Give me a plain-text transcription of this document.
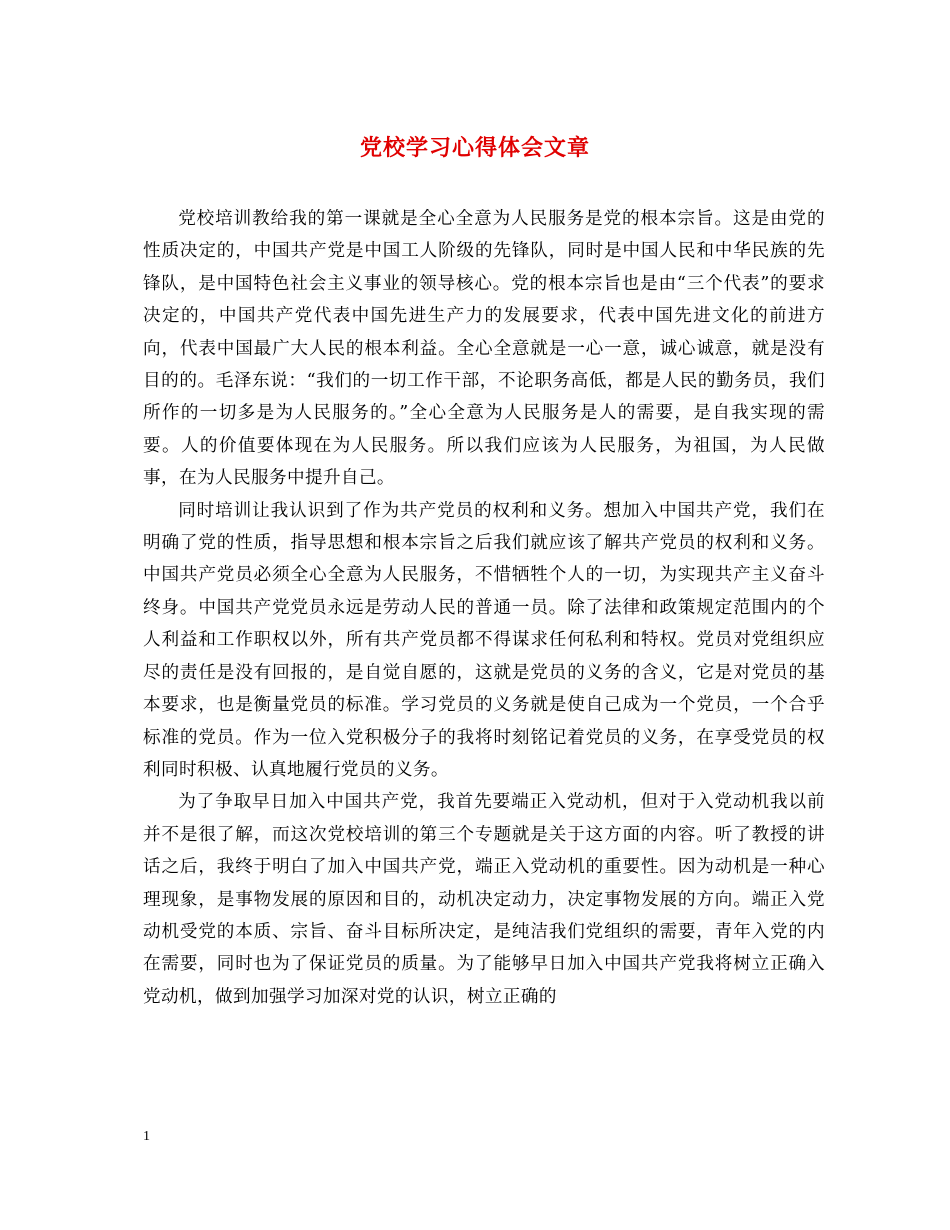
党校学习心得体会文章

党校培训教给我的第一课就是全心全意为人民服务是党的根本宗旨。这是由党的性质决定的，中国共产党是中国工人阶级的先锋队，同时是中国人民和中华民族的先锋队，是中国特色社会主义事业的领导核心。党的根本宗旨也是由“三个代表”的要求决定的，中国共产党代表中国先进生产力的发展要求，代表中国先进文化的前进方向，代表中国最广大人民的根本利益。全心全意就是一心一意，诚心诚意，就是没有目的的。毛泽东说：“我们的一切工作干部，不论职务高低，都是人民的勤务员，我们所作的一切多是为人民服务的。”全心全意为人民服务是人的需要，是自我实现的需要。人的价值要体现在为人民服务。所以我们应该为人民服务，为祖国，为人民做事，在为人民服务中提升自己。

同时培训让我认识到了作为共产党员的权利和义务。想加入中国共产党，我们在明确了党的性质，指导思想和根本宗旨之后我们就应该了解共产党员的权利和义务。中国共产党员必须全心全意为人民服务，不惜牺牲个人的一切，为实现共产主义奋斗终身。中国共产党党员永远是劳动人民的普通一员。除了法律和政策规定范围内的个人利益和工作职权以外，所有共产党员都不得谋求任何私利和特权。党员对党组织应尽的责任是没有回报的，是自觉自愿的，这就是党员的义务的含义，它是对党员的基本要求，也是衡量党员的标准。学习党员的义务就是使自己成为一个党员，一个合乎标准的党员。作为一位入党积极分子的我将时刻铭记着党员的义务，在享受党员的权利同时积极、认真地履行党员的义务。

为了争取早日加入中国共产党，我首先要端正入党动机，但对于入党动机我以前并不是很了解，而这次党校培训的第三个专题就是关于这方面的内容。听了教授的讲话之后，我终于明白了加入中国共产党，端正入党动机的重要性。因为动机是一种心理现象，是事物发展的原因和目的，动机决定动力，决定事物发展的方向。端正入党动机受党的本质、宗旨、奋斗目标所决定，是纯洁我们党组织的需要，青年入党的内在需要，同时也为了保证党员的质量。为了能够早日加入中国共产党我将树立正确入党动机，做到加强学习加深对党的认识，树立正确的

1
